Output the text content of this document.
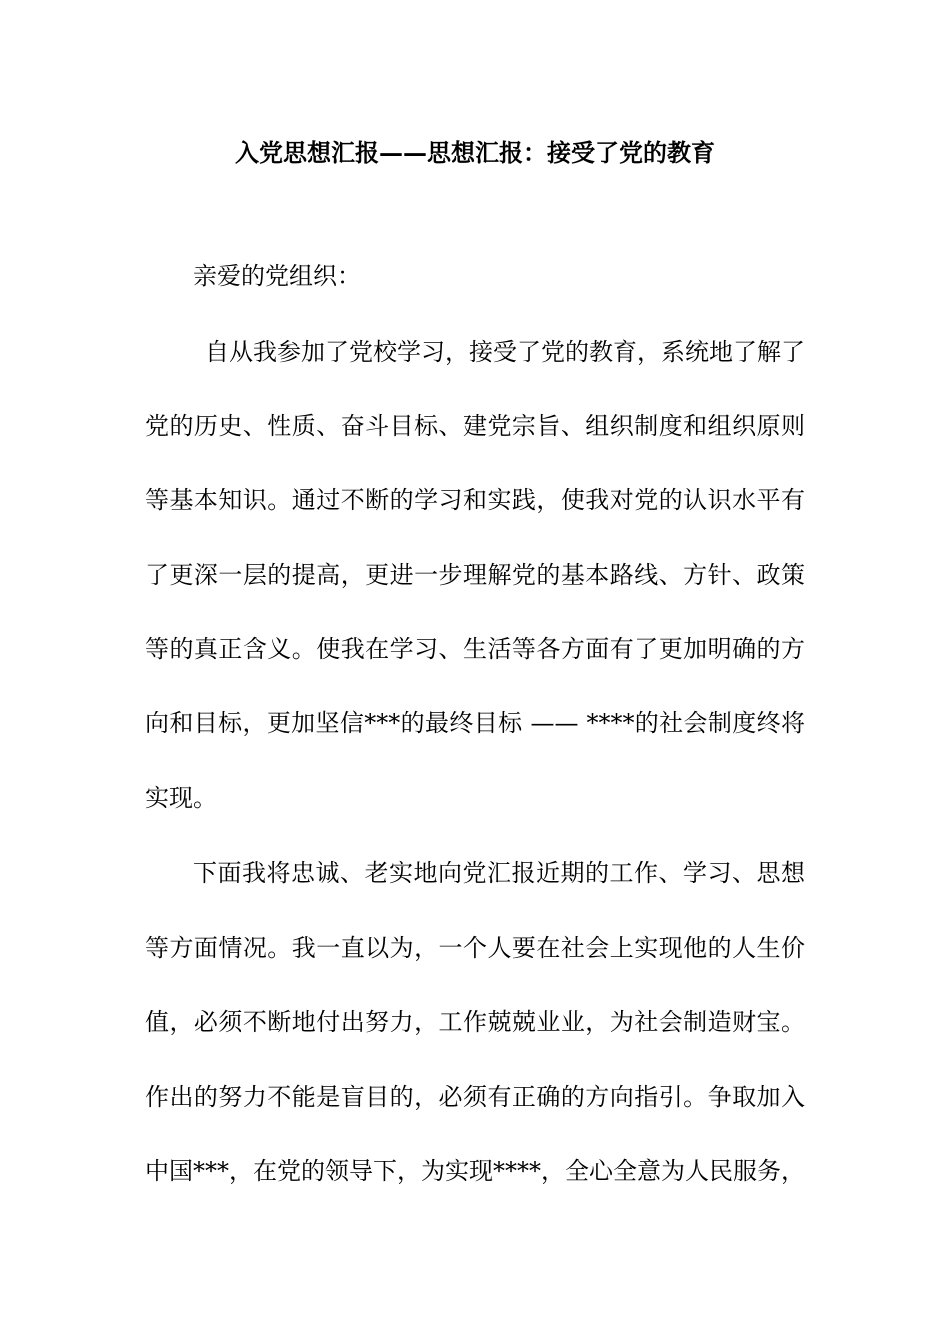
入党思想汇报——思想汇报：接受了党的教育

亲爱的党组织：

自从我参加了党校学习，接受了党的教育，系统地了解了

党的历史、性质、奋斗目标、建党宗旨、组织制度和组织原则

等基本知识。通过不断的学习和实践，使我对党的认识水平有

了更深一层的提高，更进一步理解党的基本路线、方针、政策

等的真正含义。使我在学习、生活等各方面有了更加明确的方

向和目标，更加坚信***的最终目标 —— ****的社会制度终将

实现。

下面我将忠诚、老实地向党汇报近期的工作、学习、思想

等方面情况。我一直以为，一个人要在社会上实现他的人生价

值，必须不断地付出努力，工作兢兢业业，为社会制造财宝。

作出的努力不能是盲目的，必须有正确的方向指引。争取加入

中国***，在党的领导下，为实现****，全心全意为人民服务，
